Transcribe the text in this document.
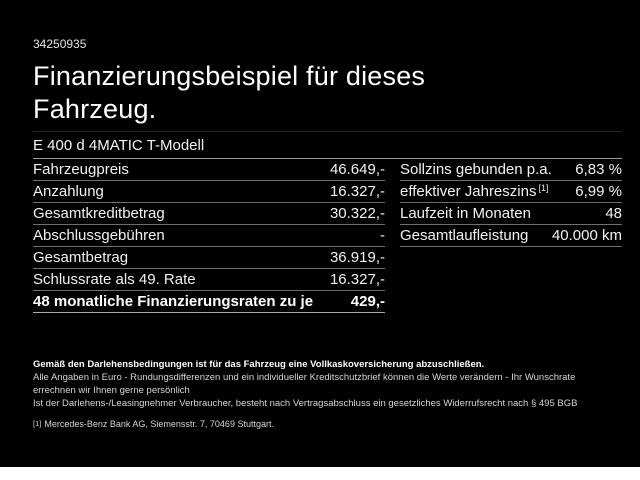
34250935
Finanzierungsbeispiel für dieses
Fahrzeug.
E 400 d 4MATIC T-Modell
Fahrzeugpreis	46.649,-
Anzahlung	16.327,-
Gesamtkreditbetrag	30.322,-
Abschlussgebühren	-
Gesamtbetrag	36.919,-
Schlussrate als 49. Rate	16.327,-
48 monatliche Finanzierungsraten zu je	429,-
Sollzins gebunden p.a. 6,83 %
effektiver Jahreszins [1] 6,99 %
Laufzeit in Monaten	48
Gesamtlaufleistung 40.000 km

Gemäß den Darlehensbedingungen ist für das Fahrzeug eine Vollkaskoversicherung abzuschließen.

Alle Angaben in Euro - Rundungsdifferenzen und ein individueller Kreditschutzbrief können die Werte verändern - Ihr Wunschrate errechnen wir Ihnen gerne persönlich

Ist der Darlehens-/Leasingnehmer Verbraucher, besteht nach Vertragsabschluss ein gesetzliches Widerrufsrecht nach § 495 BGB

[1] Mercedes-Benz Bank AG, Siemensstr. 7, 70469 Stuttgart.
